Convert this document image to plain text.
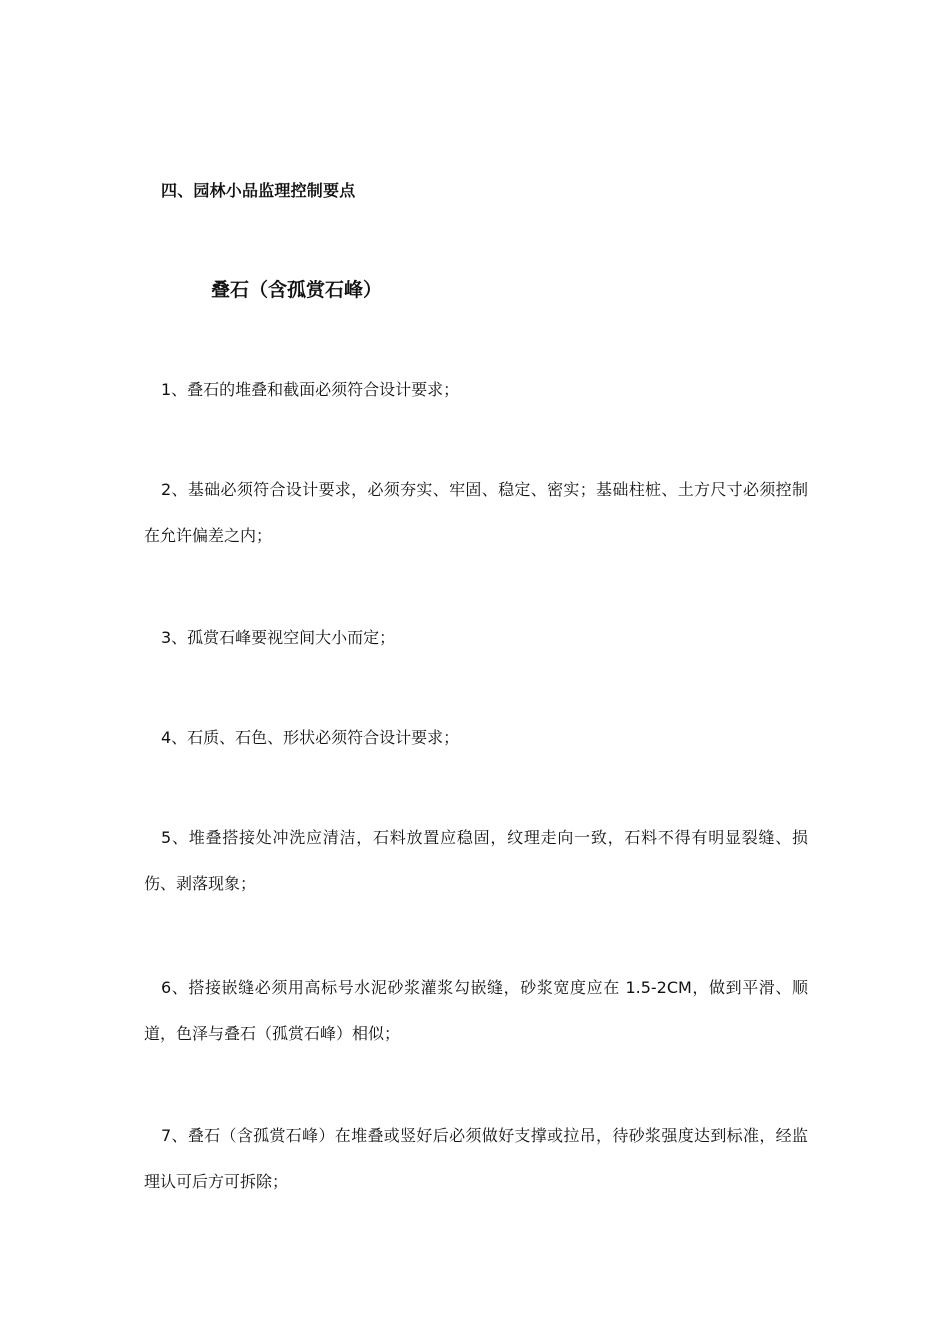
四、园林小品监理控制要点
叠石（含孤赏石峰）

1、叠石的堆叠和截面必须符合设计要求；

2、基础必须符合设计要求，必须夯实、牢固、稳定、密实；基础柱桩、土方尺寸必须控制在允许偏差之内；

3、孤赏石峰要视空间大小而定；

4、石质、石色、形状必须符合设计要求；

5、堆叠搭接处冲洗应清洁，石料放置应稳固，纹理走向一致，石料不得有明显裂缝、损伤、剥落现象；

6、搭接嵌缝必须用高标号水泥砂浆灌浆勾嵌缝，砂浆宽度应在 1.5-2CM，做到平滑、顺道，色泽与叠石（孤赏石峰）相似；

7、叠石（含孤赏石峰）在堆叠或竖好后必须做好支撑或拉吊，待砂浆强度达到标准，经监理认可后方可拆除；
